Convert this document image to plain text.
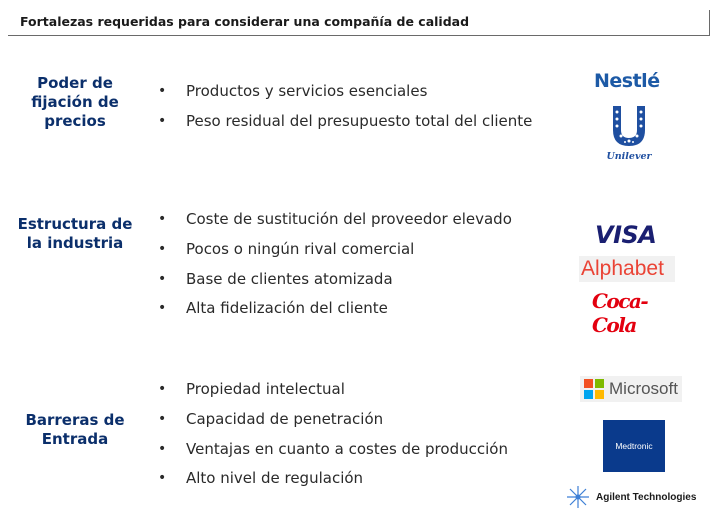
Fortalezas requeridas para considerar una compañía de calidad
Poder de fijación de precios
• Productos y servicios esenciales
• Peso residual del presupuesto total del cliente
Estructura de la industria
• Coste de sustitución del proveedor elevado
• Pocos o ningún rival comercial
• Base de clientes atomizada
• Alta fidelización del cliente
Barreras de Entrada
• Propiedad intelectual
• Capacidad de penetración
• Ventajas en cuanto a costes de producción
• Alto nivel de regulación
Nestlé
Unilever
VISA
Alphabet
Coca-Cola
Microsoft
Medtronic
Agilent Technologies
